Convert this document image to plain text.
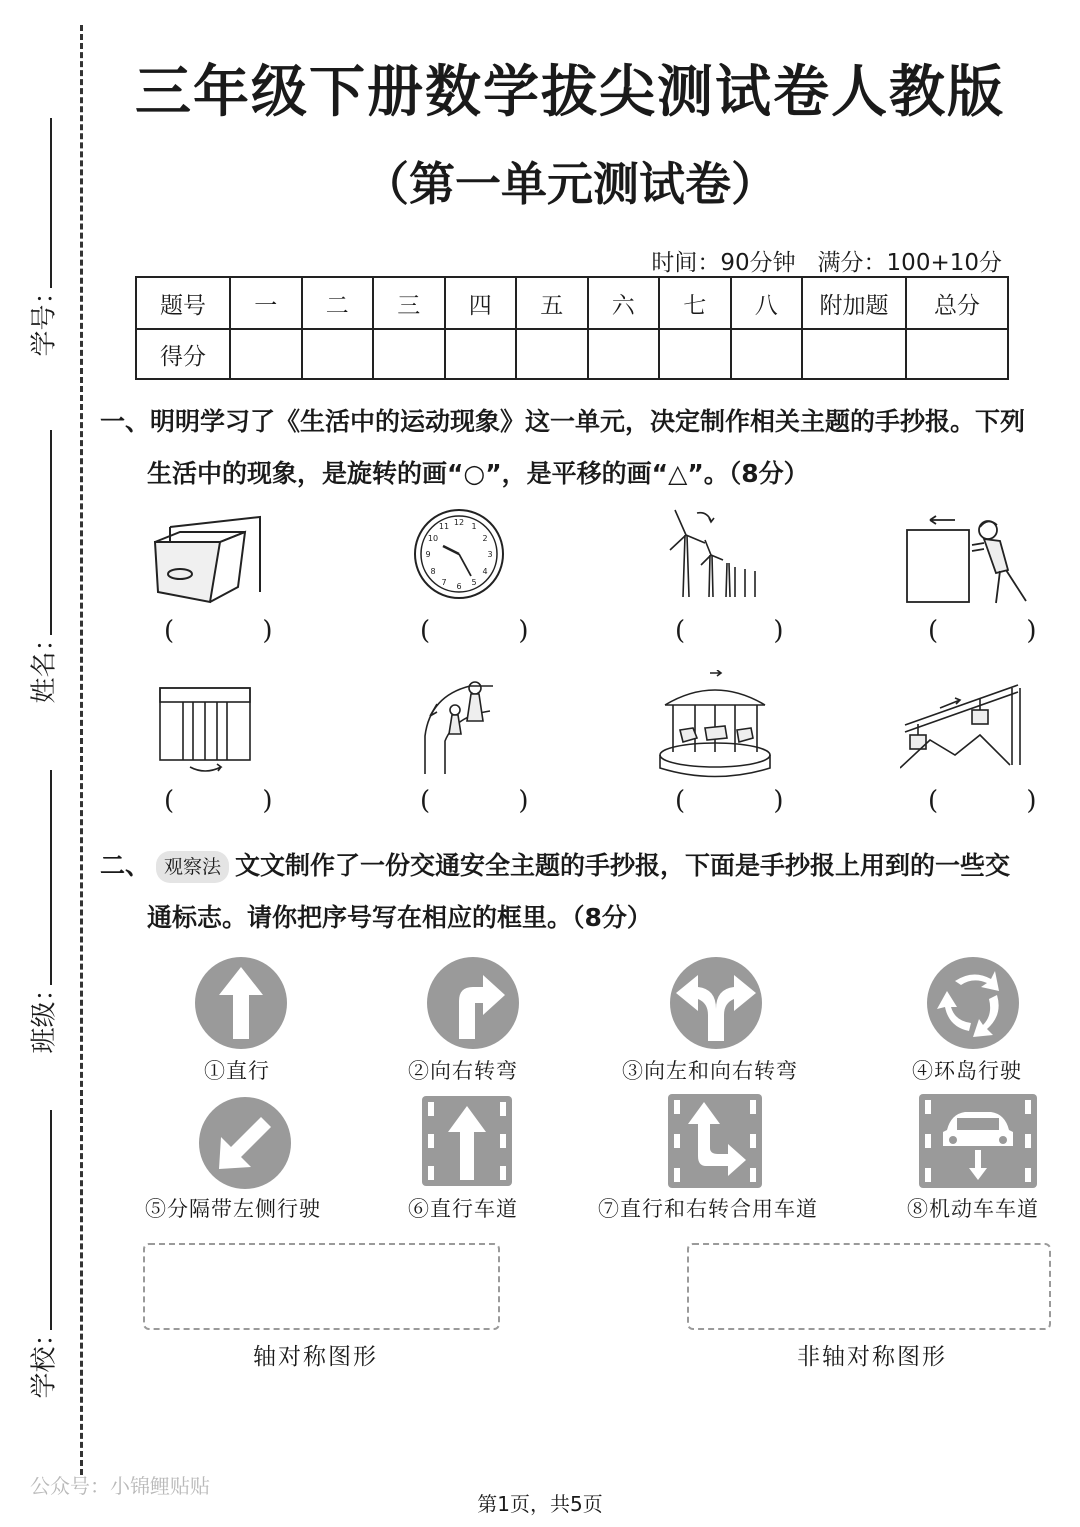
学号：
姓名：
班级：
学校：
三年级下册数学拔尖测试卷人教版
（第一单元测试卷）
时间：90分钟 满分：100+10分
题号	一	二	三	四	五	六	七	八	附加题	总分
得分										
一、明明学习了《生活中的运动现象》这一单元，决定制作相关主题的手抄报。下列
生活中的现象，是旋转的画“○”，是平移的画“△”。（8分）
12
6
3
9
1
2
4
5
7
8
10
11
( )	( )	( )	( )
( )	( )	( )	( )
二、 观察法 文文制作了一份交通安全主题的手抄报，下面是手抄报上用到的一些交
通标志。请你把序号写在相应的框里。（8分）
①直行	②向右转弯	③向左和向右转弯	④环岛行驶
⑤分隔带左侧行驶	⑥直行车道	⑦直行和右转合用车道	⑧机动车车道
轴对称图形	非轴对称图形
公众号：小锦鲤贴贴
第1页，共5页
